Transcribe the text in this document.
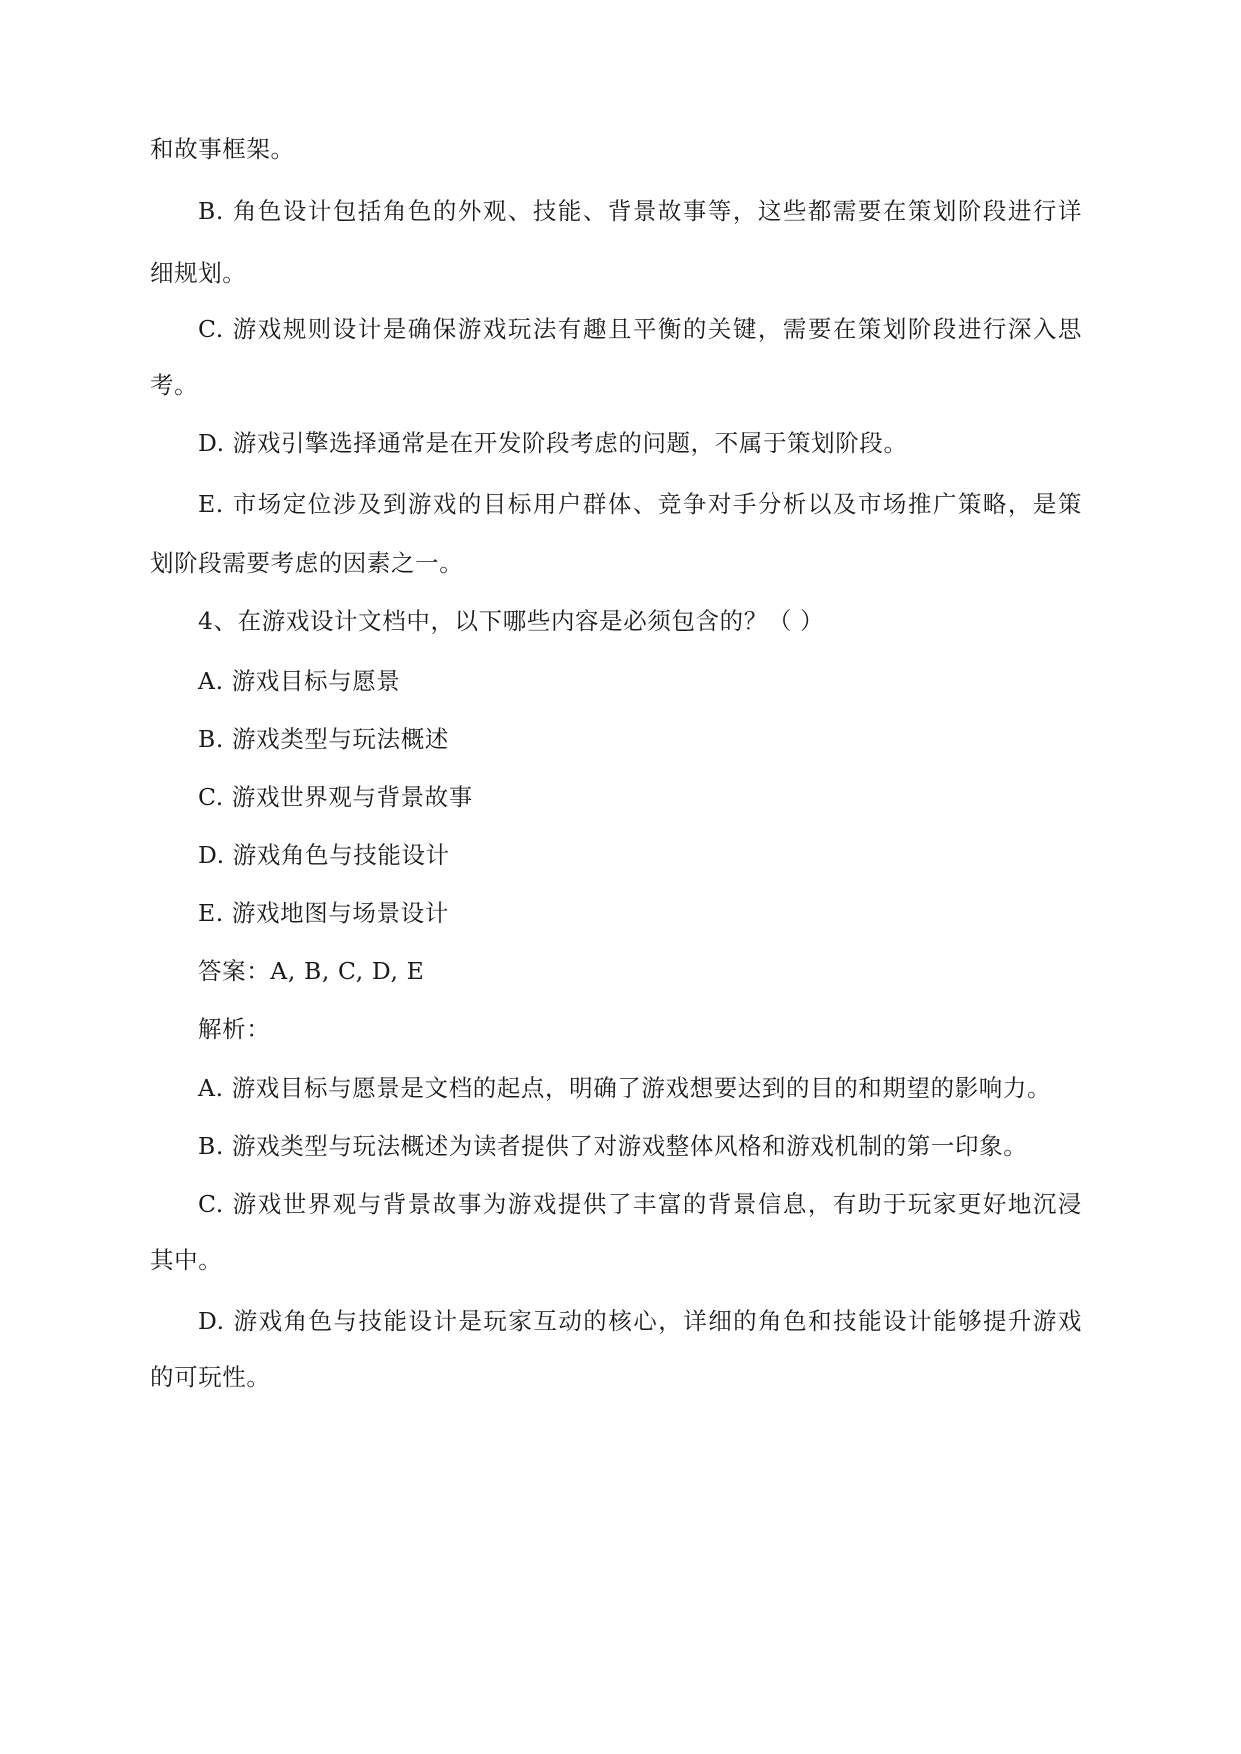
和故事框架。
B. 角色设计包括角色的外观、技能、背景故事等，这些都需要在策划阶段进行详
细规划。
C. 游戏规则设计是确保游戏玩法有趣且平衡的关键，需要在策划阶段进行深入思
考。
D. 游戏引擎选择通常是在开发阶段考虑的问题，不属于策划阶段。
E. 市场定位涉及到游戏的目标用户群体、竞争对手分析以及市场推广策略，是策
划阶段需要考虑的因素之一。
4、在游戏设计文档中，以下哪些内容是必须包含的？（ ）
A. 游戏目标与愿景
B. 游戏类型与玩法概述
C. 游戏世界观与背景故事
D. 游戏角色与技能设计
E. 游戏地图与场景设计
答案：A, B, C, D, E
解析：
A. 游戏目标与愿景是文档的起点，明确了游戏想要达到的目的和期望的影响力。
B. 游戏类型与玩法概述为读者提供了对游戏整体风格和游戏机制的第一印象。
C. 游戏世界观与背景故事为游戏提供了丰富的背景信息，有助于玩家更好地沉浸
其中。
D. 游戏角色与技能设计是玩家互动的核心，详细的角色和技能设计能够提升游戏
的可玩性。
